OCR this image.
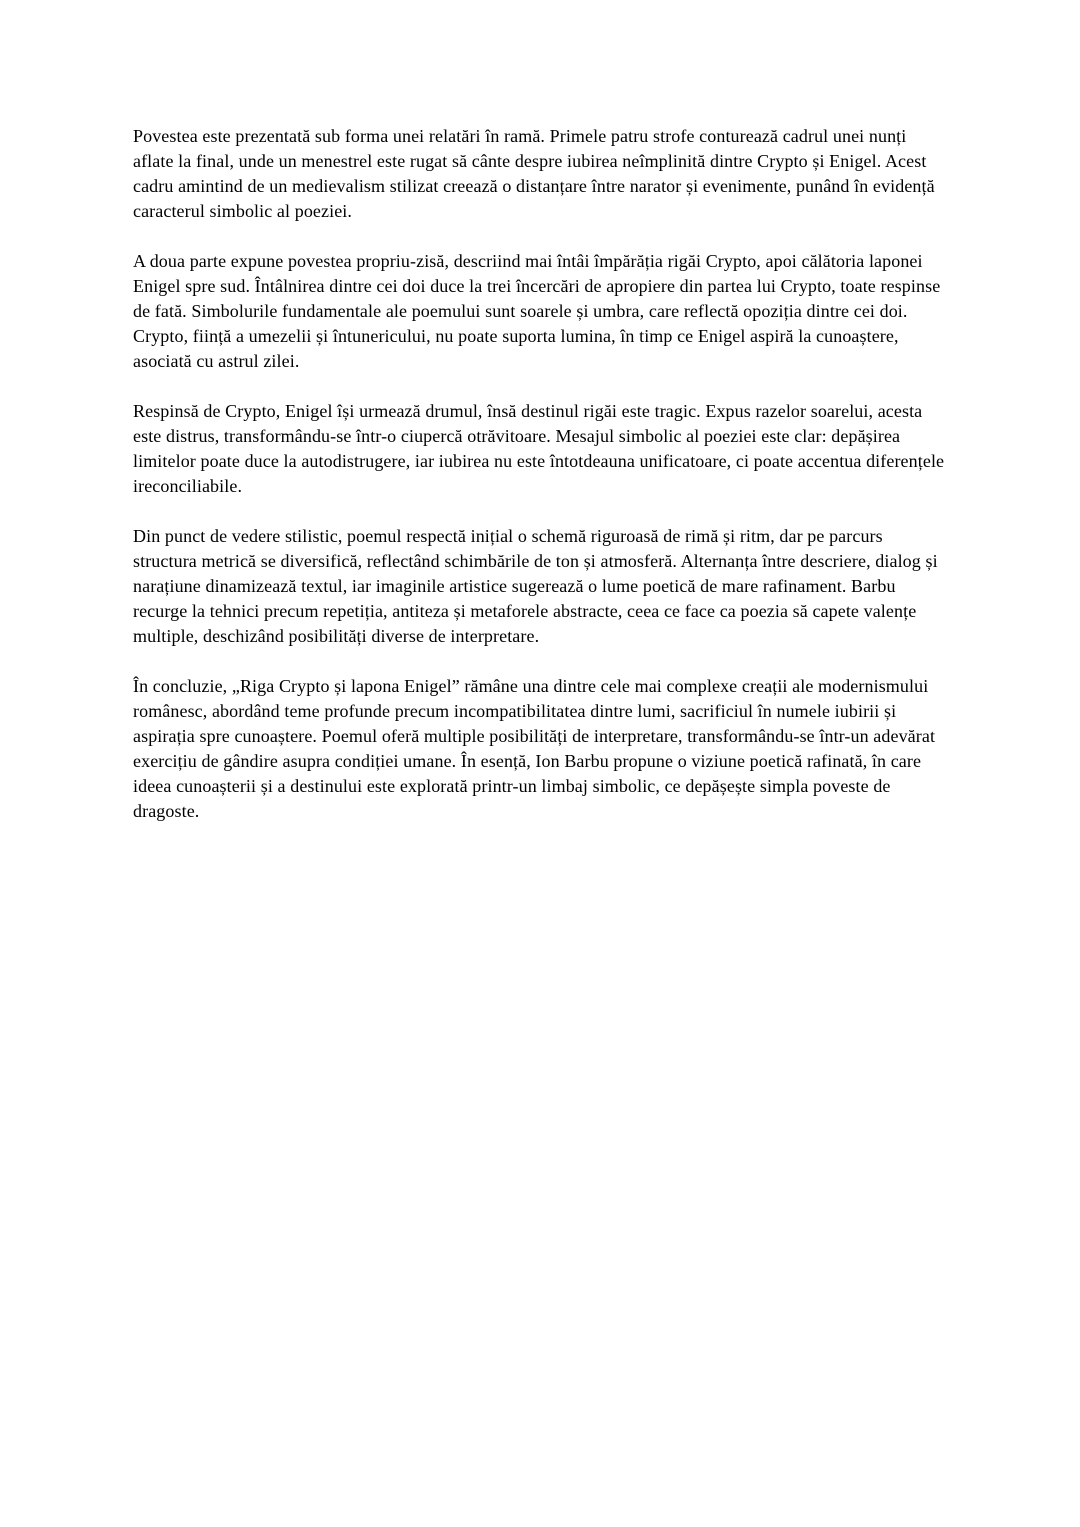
Povestea este prezentată sub forma unei relatări în ramă. Primele patru strofe conturează cadrul unei nunți aflate la final, unde un menestrel este rugat să cânte despre iubirea neîmplinită dintre Crypto și Enigel. Acest cadru amintind de un medievalism stilizat creează o distanțare între narator și evenimente, punând în evidență caracterul simbolic al poeziei.

A doua parte expune povestea propriu-zisă, descriind mai întâi împărăția rigăi Crypto, apoi călătoria laponei Enigel spre sud. Întâlnirea dintre cei doi duce la trei încercări de apropiere din partea lui Crypto, toate respinse de fată. Simbolurile fundamentale ale poemului sunt soarele și umbra, care reflectă opoziția dintre cei doi. Crypto, ființă a umezelii și întunericului, nu poate suporta lumina, în timp ce Enigel aspiră la cunoaștere, asociată cu astrul zilei.

Respinsă de Crypto, Enigel își urmează drumul, însă destinul rigăi este tragic. Expus razelor soarelui, acesta este distrus, transformându-se într-o ciupercă otrăvitoare. Mesajul simbolic al poeziei este clar: depășirea limitelor poate duce la autodistrugere, iar iubirea nu este întotdeauna unificatoare, ci poate accentua diferențele ireconciliabile.

Din punct de vedere stilistic, poemul respectă inițial o schemă riguroasă de rimă și ritm, dar pe parcurs structura metrică se diversifică, reflectând schimbările de ton și atmosferă. Alternanța între descriere, dialog și narațiune dinamizează textul, iar imaginile artistice sugerează o lume poetică de mare rafinament. Barbu recurge la tehnici precum repetiția, antiteza și metaforele abstracte, ceea ce face ca poezia să capete valențe multiple, deschizând posibilități diverse de interpretare.

În concluzie, „Riga Crypto și lapona Enigel” rămâne una dintre cele mai complexe creații ale modernismului românesc, abordând teme profunde precum incompatibilitatea dintre lumi, sacrificiul în numele iubirii și aspirația spre cunoaștere. Poemul oferă multiple posibilități de interpretare, transformându-se într-un adevărat exercițiu de gândire asupra condiției umane. În esență, Ion Barbu propune o viziune poetică rafinată, în care ideea cunoașterii și a destinului este explorată printr-un limbaj simbolic, ce depășește simpla poveste de dragoste.
